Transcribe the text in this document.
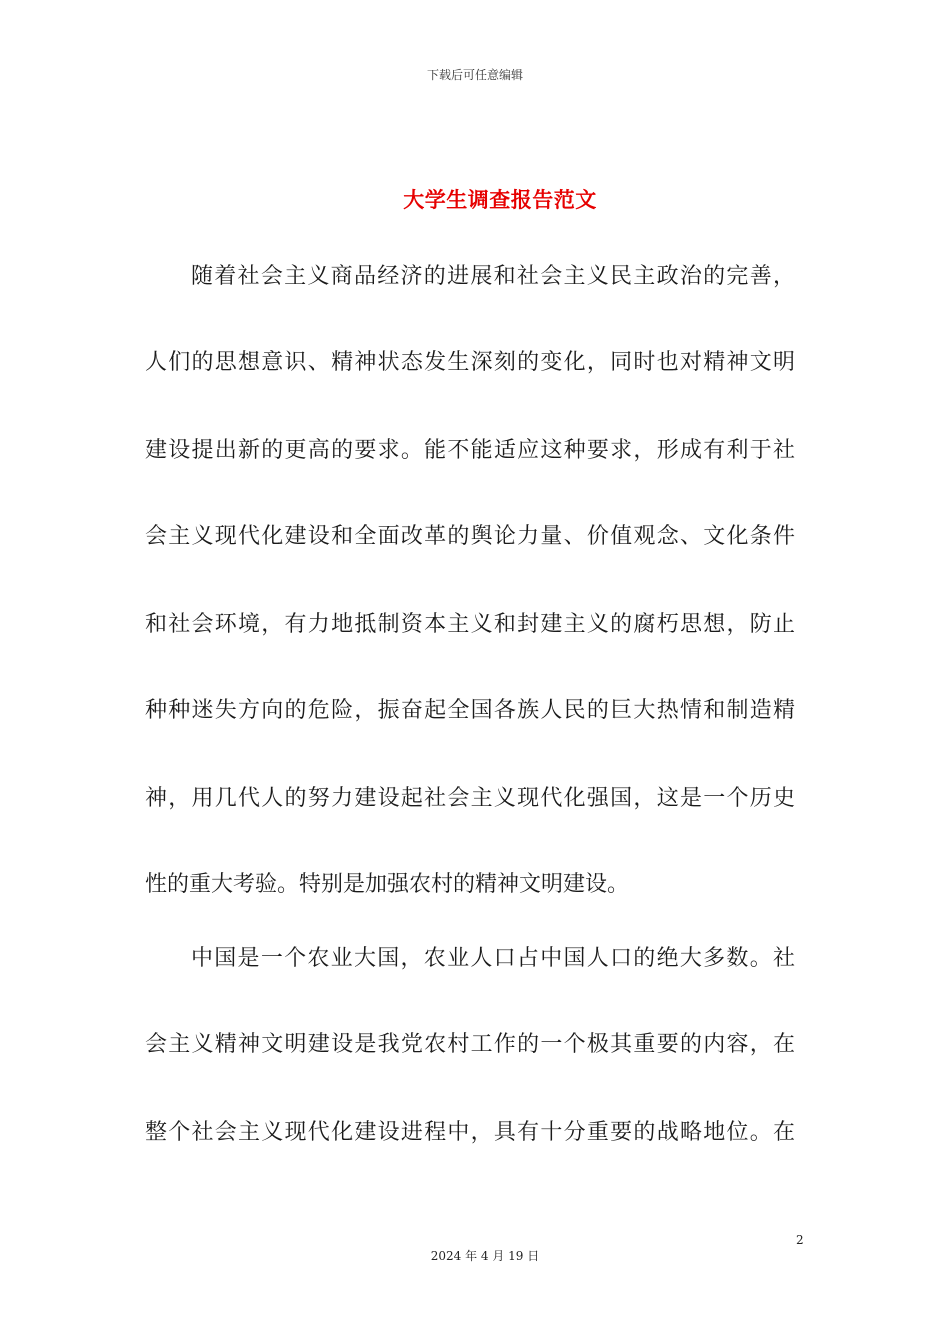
下载后可任意编辑
大学生调查报告范文
随着社会主义商品经济的进展和社会主义民主政治的完善，
人们的思想意识、精神状态发生深刻的变化，同时也对精神文明
建设提出新的更高的要求。能不能适应这种要求，形成有利于社
会主义现代化建设和全面改革的舆论力量、价值观念、文化条件
和社会环境，有力地抵制资本主义和封建主义的腐朽思想，防止
种种迷失方向的危险，振奋起全国各族人民的巨大热情和制造精
神，用几代人的努力建设起社会主义现代化强国，这是一个历史
性的重大考验。特别是加强农村的精神文明建设。
中国是一个农业大国，农业人口占中国人口的绝大多数。社
会主义精神文明建设是我党农村工作的一个极其重要的内容，在
整个社会主义现代化建设进程中，具有十分重要的战略地位。在
2
2024 年 4 月 19 日
